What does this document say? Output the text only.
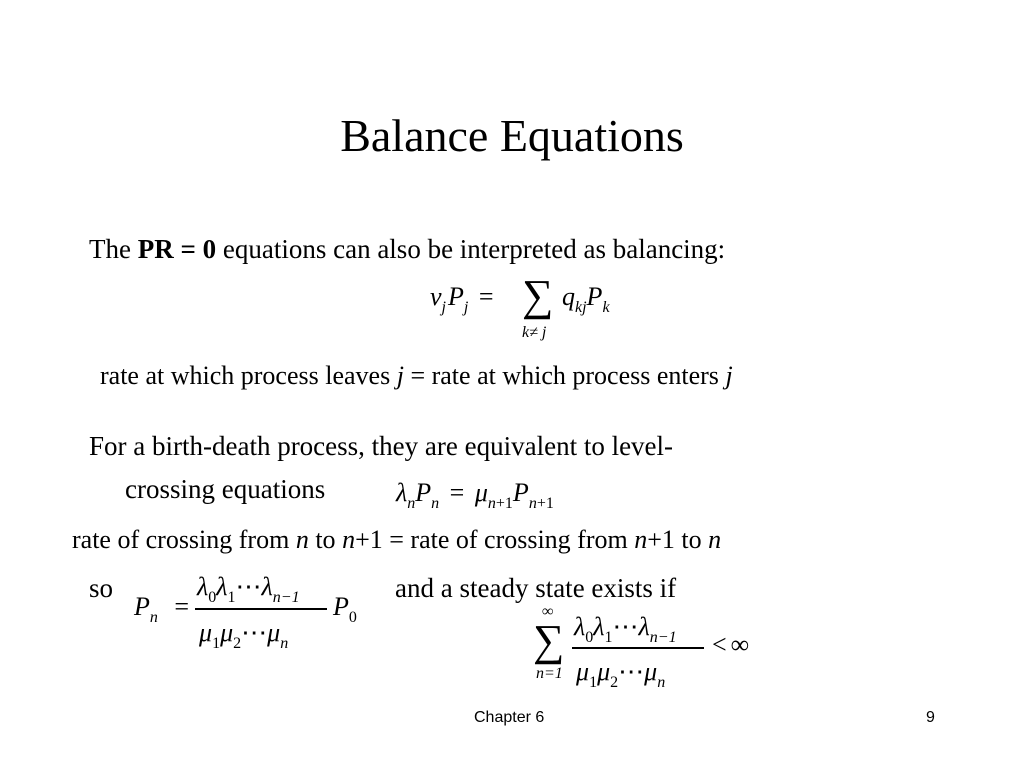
Balance Equations
The PR = 0 equations can also be interpreted as balancing:
$v_jP_j$ = ∑
k≠ j
$q_{kj}P_k$
rate at which process leaves j = rate at which process enters j
For a birth-death process, they are equivalent to level-
crossing equations	$\lambda_nP_n = \mu_{n+1}P_{n+1}$
rate of crossing from n to n+1 = rate of crossing from n+1 to n
so
$P_n$ =
$\lambda_0\lambda_1\cdots\lambda_{n-1}$
$\mu_1\mu_2\cdots\mu_n$
$P_0$
and a steady state exists if
∞
∑
n=1
$\lambda_0\lambda_1\cdots\lambda_{n-1}$
$\mu_1\mu_2\cdots\mu_n$
< ∞
Chapter 6	9
